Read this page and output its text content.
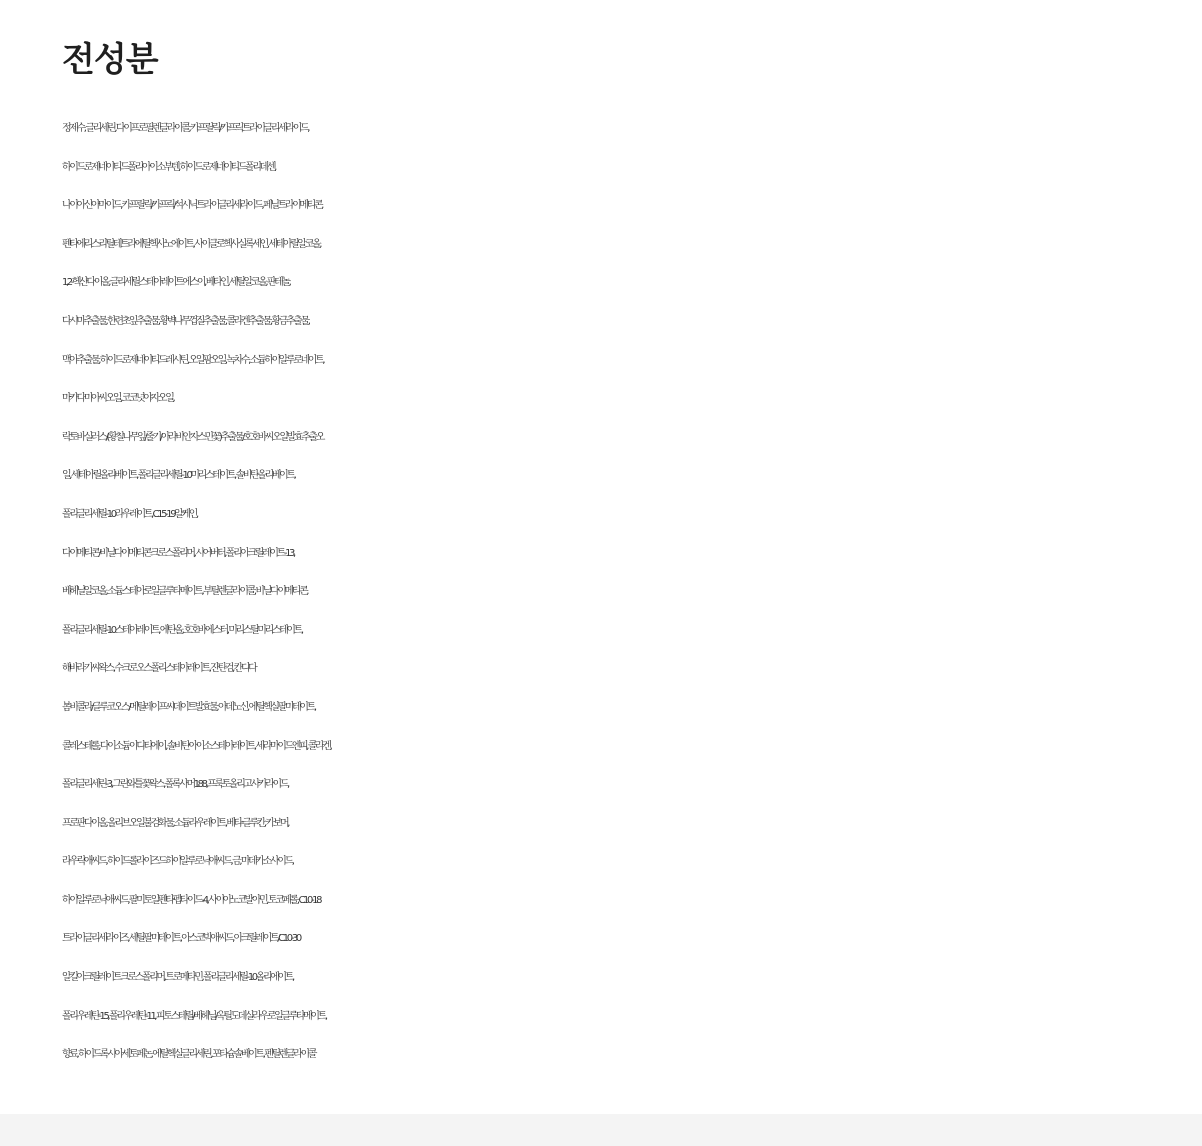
전성분
정제수, 글리세린, 다이프로필렌글라이콜, 카프릴릭/카프릭트라이글리세라이드,
하이드로제네이티드폴리아이소부텐, 하이드로제네이티드폴리데센,
나이아신아마이드, 카프릴릭/카프릭/석시닉트라이글리세라이드, 페닐트라이메티콘,
펜타에리스리틸테트라에틸헥사노에이트, 사이클로헥사실록세인, 세테아릴알코올,
1,2-헥산다이올, 글리세릴스테아레이트에스이, 베타인, 세틸알코올, 판테놀,
다시마추출물, 한련초잎추출물, 황벽나무껍질추출물, 콜라겐추출물, 황금추출물,
맥아추출물, 하이드로제네이티드레시틴, 오일팜오일, 녹차수, 소듐하이알루로네이트,
마카다미아씨오일, 코코넛야자오일,
락토바실러스/(황칠나무잎/줄기/아라비안자스민꽃)추출물/호호바씨오일발효추출오
일, 세테아릴올리베이트, 폴리글리세릴-10미리스테이트, 솔비탄올리베이트,
폴리글리세릴-10라우레이트, C15-19알케인,
다이메티콘/비닐다이메티콘크로스폴리머, 시어버터, 폴리아크릴레이트-13,
베헤닐알코올, 소듐스테아로일글루타메이트, 부틸렌글라이콜, 비닐다이메티콘,
폴리글리세릴-10스테아레이트, 에탄올, 호호바에스터, 미리스틸미리스테이트,
해바라기씨왁스, 수크로오스폴리스테아레이트, 잔탄검, 칸디다
봄비콜라/글루코오스/메틸레이프씨데이트발효물, 아데노신, 에틸헥실팔미테이트,
콜레스테롤, 다이소듐이디티에이, 솔비탄아이소스테아레이트, 세라마이드엔피, 콜라겐,
폴리글리세린-3, 그린와틀꽃왁스, 폴록사머188, 프룩토올리고사카라이드,
프로판다이올, 올리브오일불검화물, 소듐라우레이트, 베타-글루칸, 카보머,
라우릭애씨드, 하이드롤라이즈드하이알루로닉애씨드, 금, 마데카소사이드,
하이알루로닉애씨드, 팔미토일펜타펩타이드-4, 사이아노코발아민, 토코페롤, C10-18
트라이글리세라이즈, 세틸팔미테이트, 아스코빅애씨드, 아크릴레이트/C10-30
알킬아크릴레이트크로스폴리머, 트로메타민, 폴리글리세릴-10올리에이트,
폴리우레탄-15, 폴리우레탄-11, 피토스테릴/베헤닐/옥틸도데실라우로일글루타메이트,
향료, 하이드록시아세토페논, 에틸헥실글리세린, 포타슘솔베이트, 펜틸렌글라이콜
